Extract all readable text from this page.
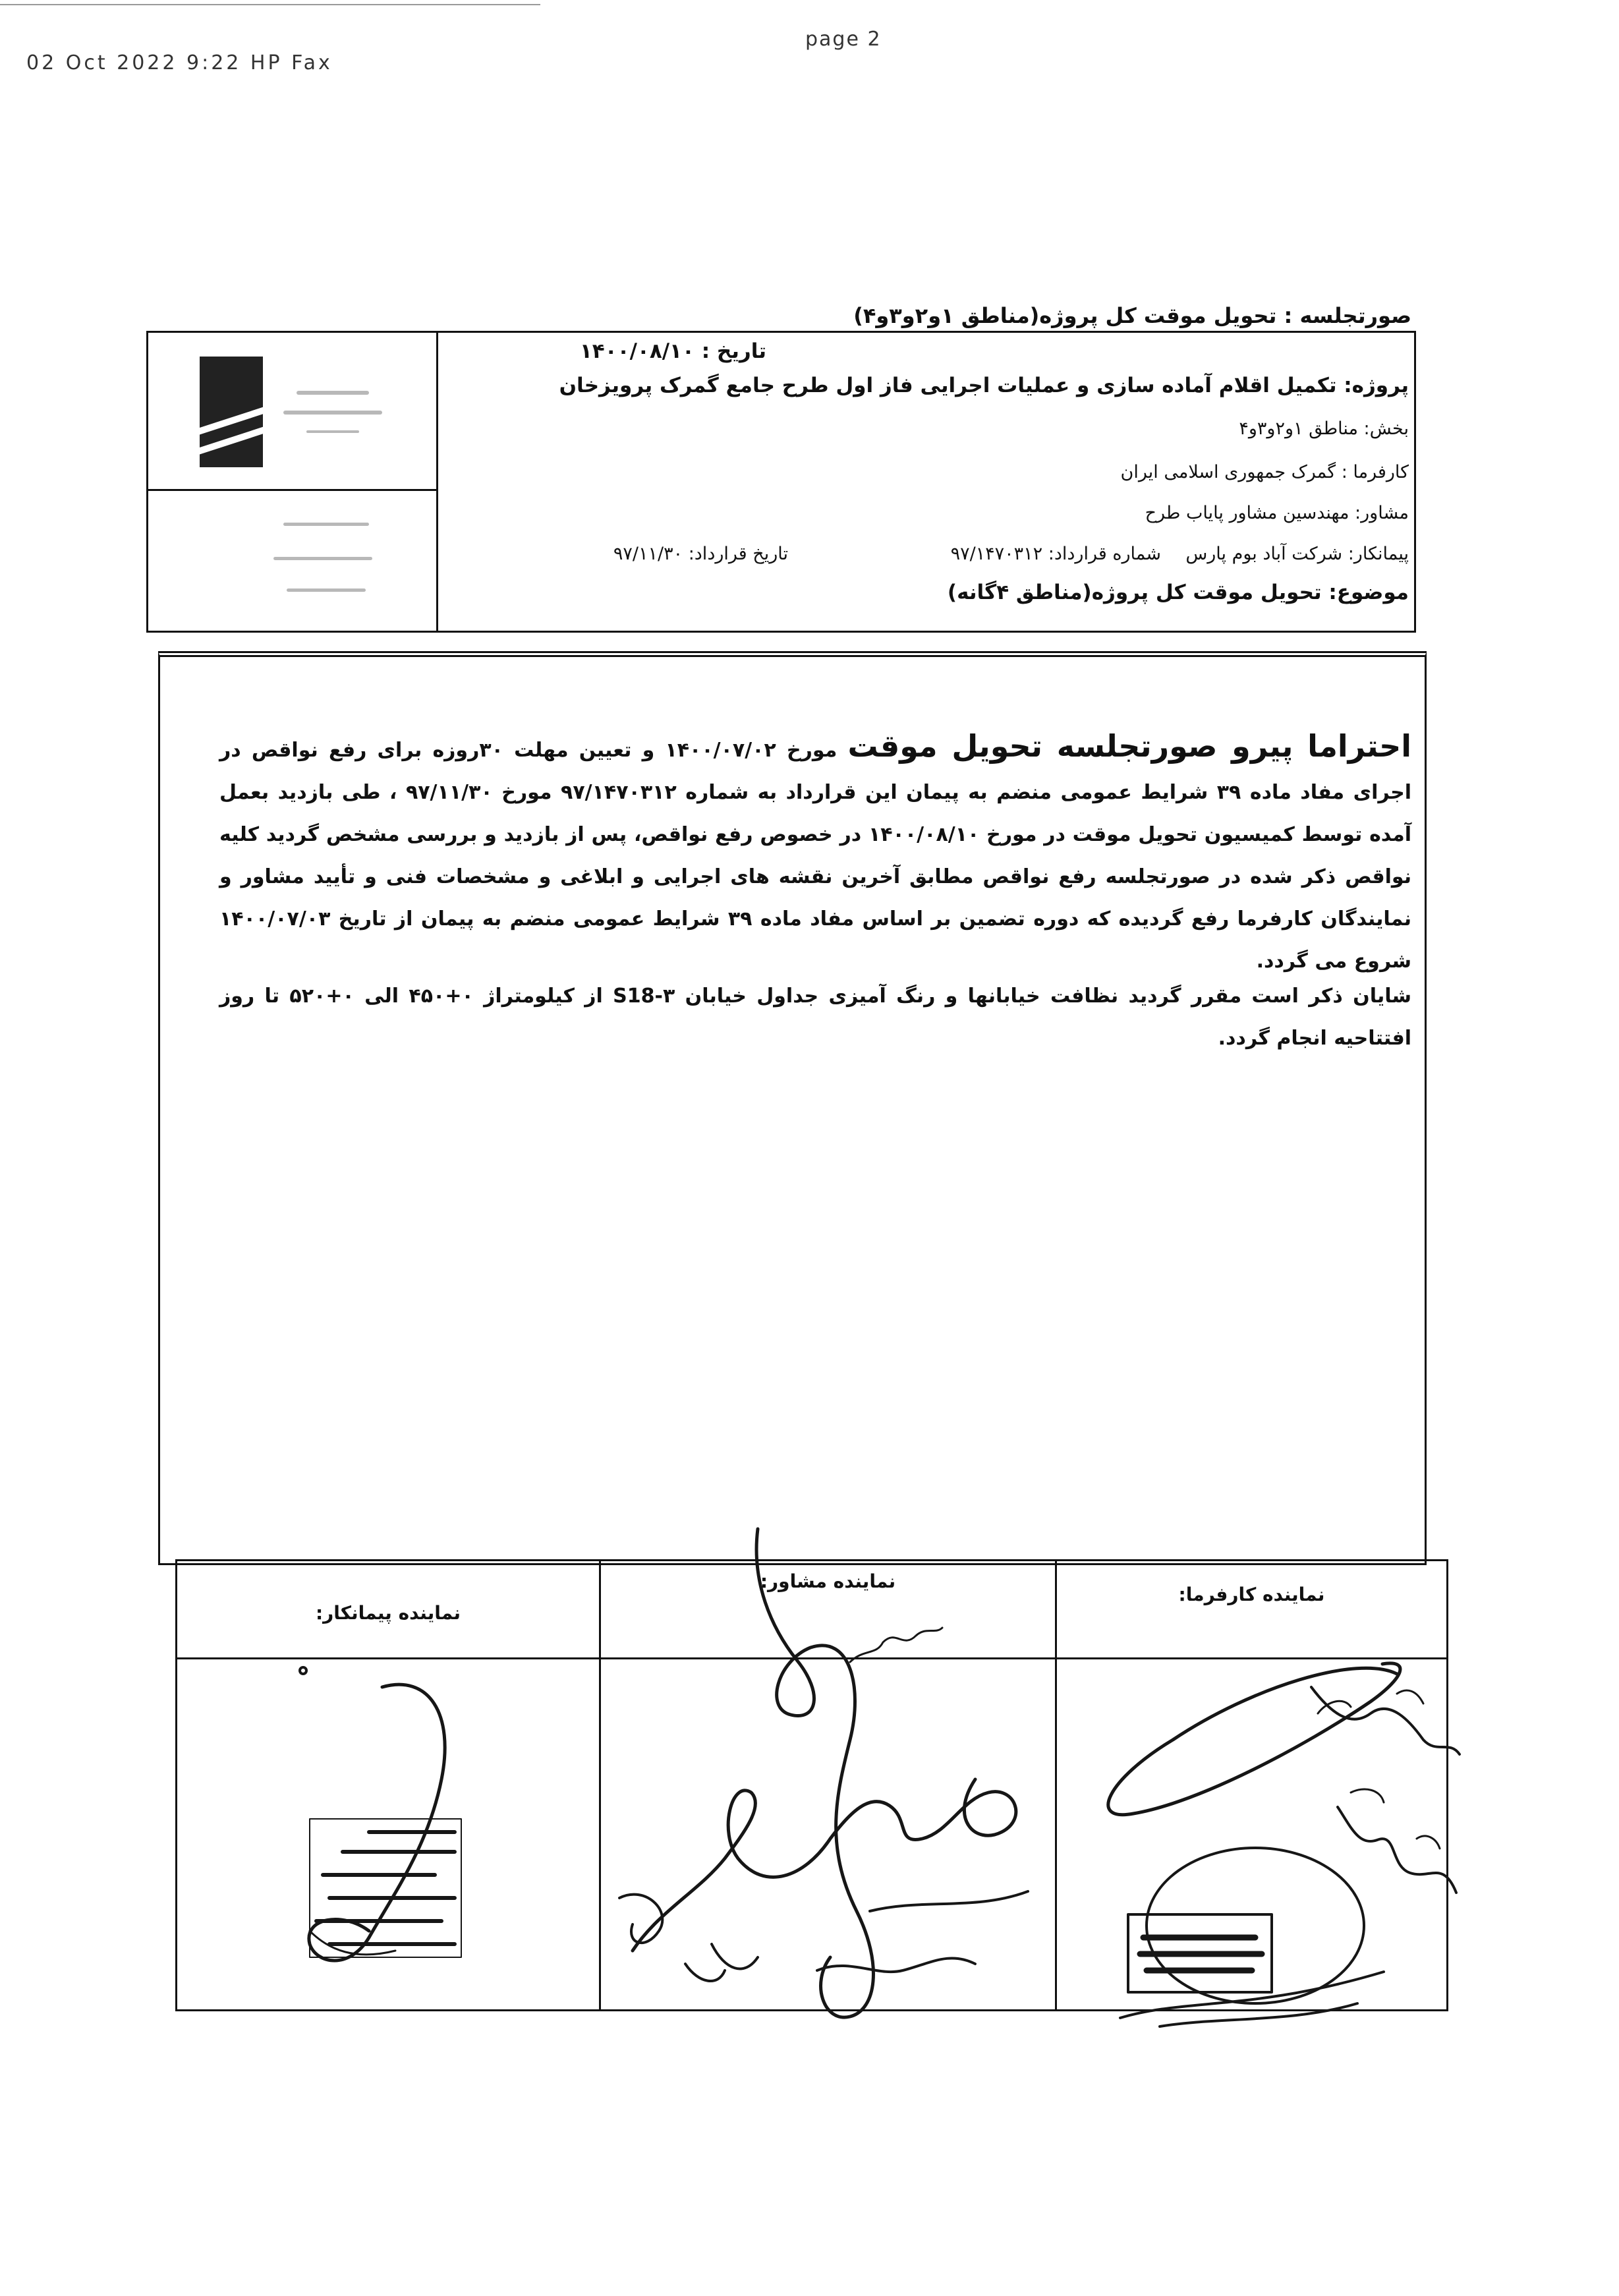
02 Oct 2022 9:22 HP Fax
page 2
صورتجلسه : تحویل موقت کل پروژه(مناطق ۱و۲و۳و۴)
تاریخ : ۱۴۰۰/۰۸/۱۰
پروژه: تکمیل اقلام آماده سازی و عملیات اجرایی فاز اول طرح جامع گمرک پرویزخان
بخش: مناطق ۱و۲و۳و۴
کارفرما : گمرک جمهوری اسلامی ایران
مشاور: مهندسین مشاور پایاب طرح
پیمانکار: شرکت آباد بوم پارس
شماره قرارداد: ۹۷/۱۴۷۰۳۱۲
تاریخ قرارداد: ۹۷/۱۱/۳۰
موضوع: تحویل موقت کل پروژه(مناطق ۴گانه)
احتراما پیرو صورتجلسه تحویل موقت مورخ ۱۴۰۰/۰۷/۰۲ و تعیین مهلت ۳۰روزه برای رفع نواقص در اجرای مفاد ماده ۳۹ شرایط عمومی منضم به پیمان این قرارداد به شماره ۹۷/۱۴۷۰۳۱۲ مورخ ۹۷/۱۱/۳۰ ، طی بازدید بعمل آمده توسط کمیسیون تحویل موقت در مورخ ۱۴۰۰/۰۸/۱۰ در خصوص رفع نواقص، پس از بازدید و بررسی مشخص گردید کلیه نواقص ذکر شده در صورتجلسه رفع نواقص مطابق آخرین نقشه های اجرایی و ابلاغی و مشخصات فنی و تأیید مشاور و نمایندگان کارفرما رفع گردیده که دوره تضمین بر اساس مفاد ماده ۳۹ شرایط عمومی منضم به پیمان از تاریخ ۱۴۰۰/۰۷/۰۳ شروع می گردد.
شایان ذکر است مقرر گردید نظافت خیابانها و رنگ آمیزی جداول خیابان S18-۳ از کیلومتراژ ۰+۴۵۰ الی ۰+۵۲۰ تا روز افتتاحیه انجام گردد.
نماینده کارفرما:
نماینده مشاور:
نماینده پیمانکار:
